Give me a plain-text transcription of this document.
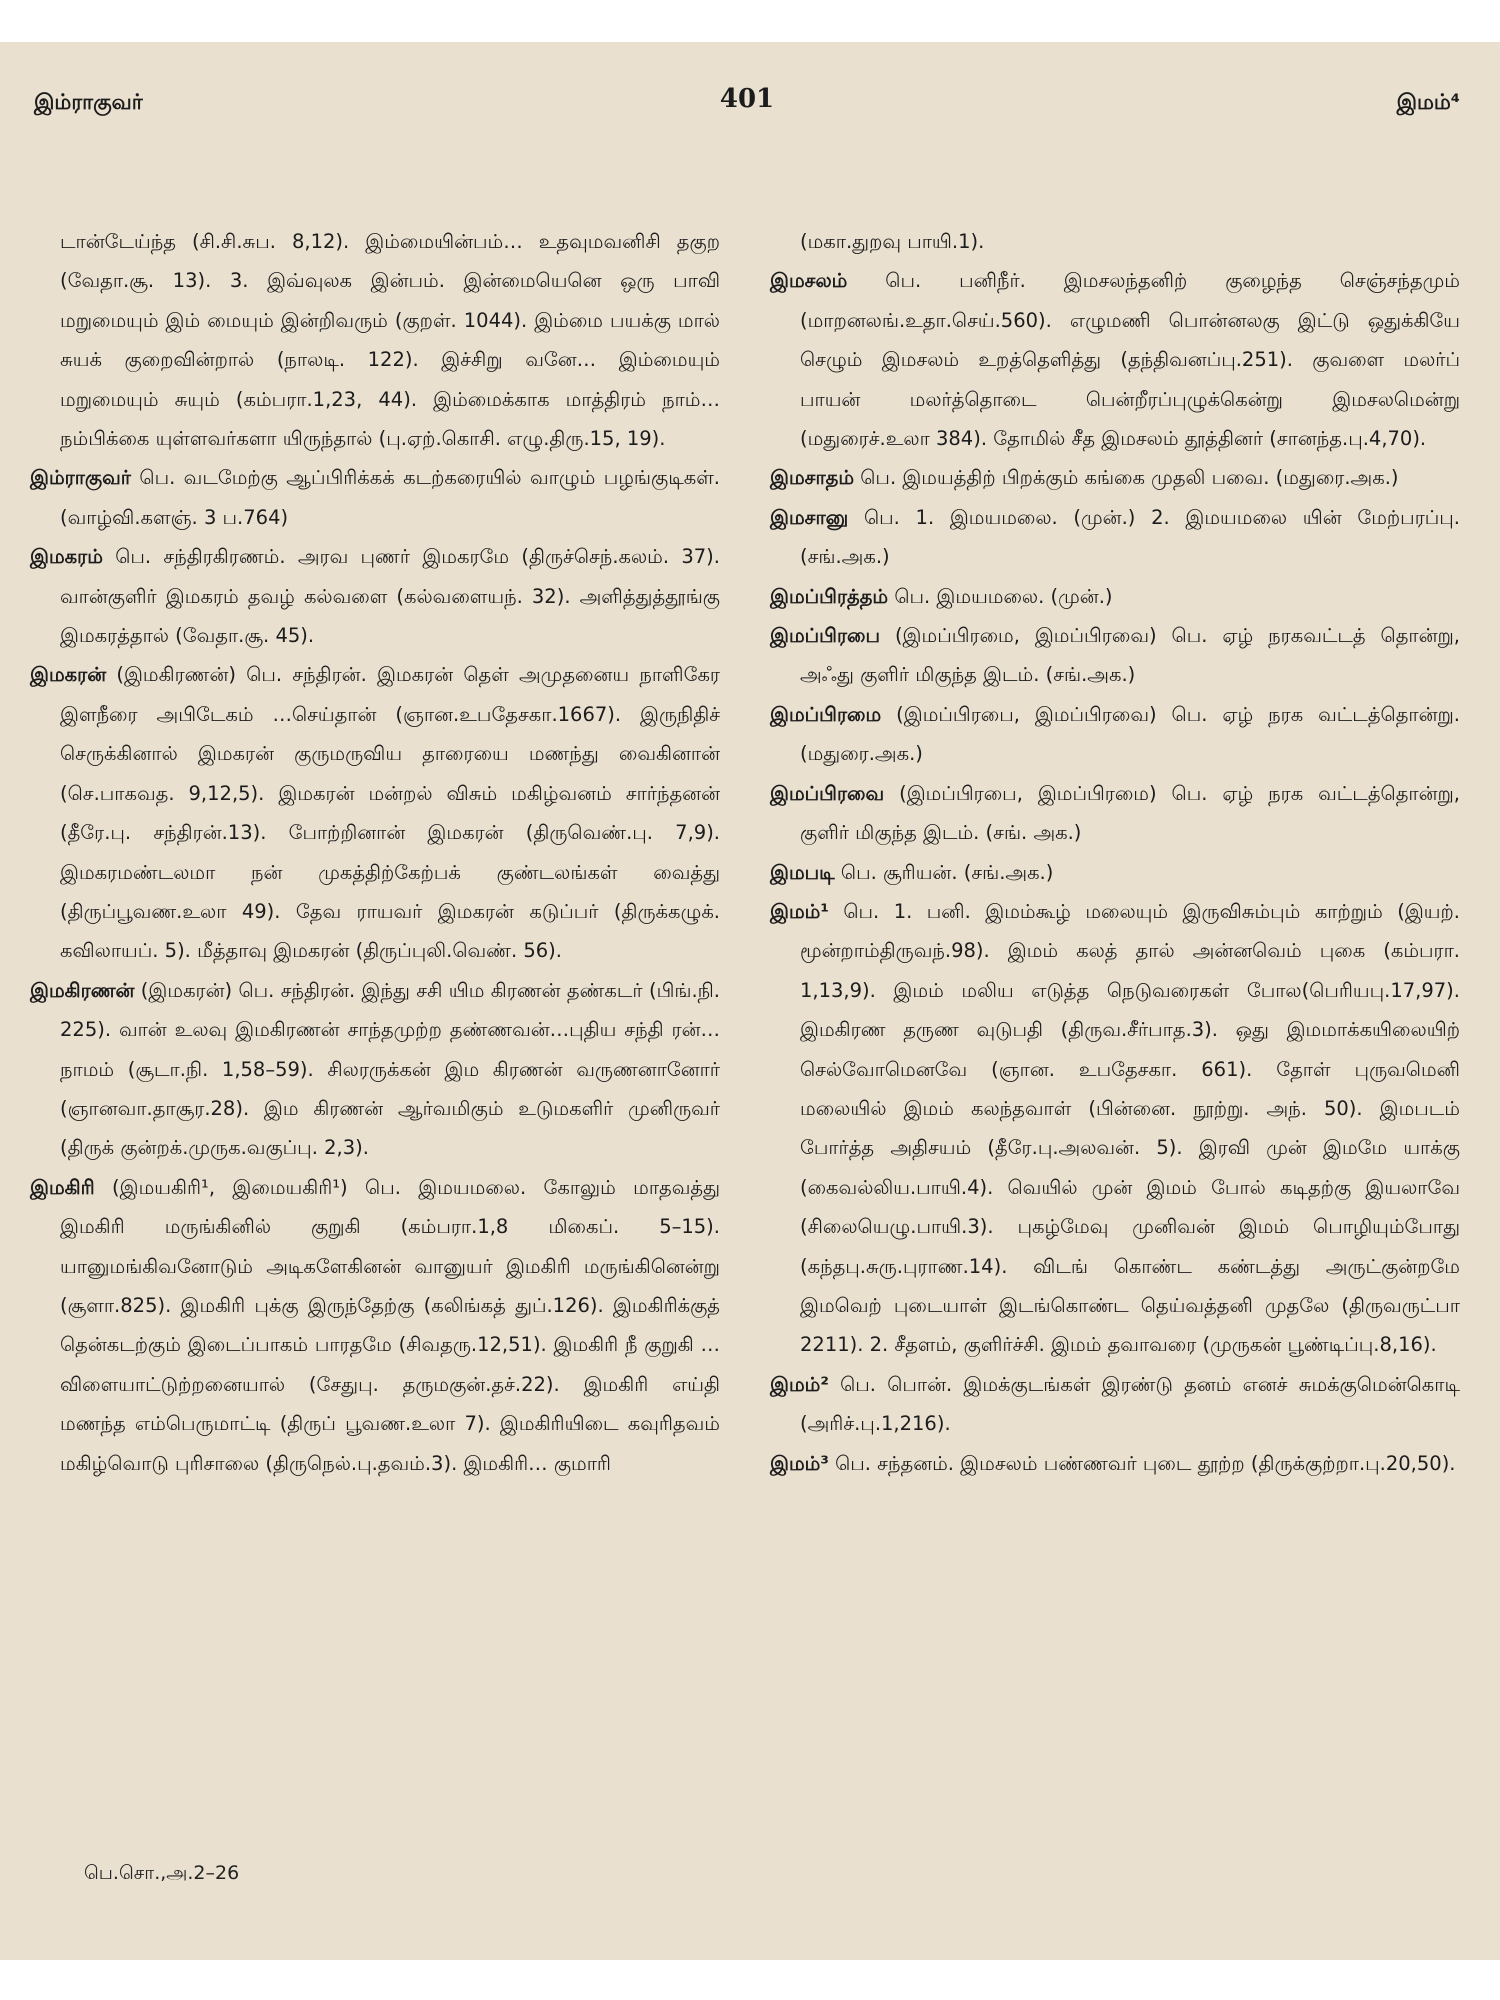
இம்ராகுவர்	401	இமம்⁴

டான்டேய்ந்த (சி.சி.சுப. 8,12). இம்மையின்பம்… உதவுமவனிசி தகுற (வேதா.சூ. 13). 3. இவ்வுலக இன்பம். இன்மையெனெ ஒரு பாவி மறுமையும் இம் மையும் இன்றிவரும் (குறள். 1044). இம்மை பயக்கு மால் சுயக் குறைவின்றால் (நாலடி. 122). இச்சிறு வனே… இம்மையும் மறுமையும் சுயும் (கம்பரா.1,23, 44). இம்மைக்காக மாத்திரம் நாம்…நம்பிக்கை யுள்ளவர்களா யிருந்தால் (பு.ஏற்.கொசி. எழு.திரு.15, 19).

இம்ராகுவர் பெ. வடமேற்கு ஆப்பிரிக்கக் கடற்கரையில் வாழும் பழங்குடிகள். (வாழ்வி.களஞ். 3 ப.764)

இமகரம் பெ. சந்திரகிரணம். அரவ புணர் இமகரமே (திருச்செந்.கலம். 37). வான்குளிர் இமகரம் தவழ் கல்வளை (கல்வளையந். 32). அளித்துத்தூங்கு இமகரத்தால் (வேதா.சூ. 45).

இமகரன் (இமகிரணன்) பெ. சந்திரன். இமகரன் தெள் அமுதனைய நாளிகேர இளநீரை அபிடேகம் …செய்தான் (ஞான.உபதேசகா.1667). இருநிதிச் செருக்கினால் இமகரன் குருமருவிய தாரையை மணந்து வைகினான் (செ.பாகவத. 9,12,5). இமகரன் மன்றல் விசும் மகிழ்வனம் சார்ந்தனன் (தீரே.பு. சந்திரன்.13). போற்றினான் இமகரன் (திருவெண்.பு. 7,9). இமகரமண்டலமா நன் முகத்திற்கேற்பக் குண்டலங்கள் வைத்து (திருப்பூவண.உலா 49). தேவ ராயவர் இமகரன் கடுப்பர் (திருக்கழுக். கவிலாயப். 5). மீத்தாவு இமகரன் (திருப்புலி.வெண். 56).

இமகிரணன் (இமகரன்) பெ. சந்திரன். இந்து சசி யிம கிரணன் தண்கடர் (பிங்.நி. 225). வான் உலவு இமகிரணன் சாந்தமுற்ற தண்ணவன்…புதிய சந்தி ரன்…நாமம் (சூடா.நி. 1,58–59). சிலரருக்கன் இம கிரணன் வருணனானோர் (ஞானவா.தாசூர.28). இம கிரணன் ஆர்வமிகும் உடுமகளிர் முனிருவர் (திருக் குன்றக்.முருக.வகுப்பு. 2,3).

இமகிரி (இமயகிரி¹, இமையகிரி¹) பெ. இமயமலை. கோலும் மாதவத்து இமகிரி மருங்கினில் குறுகி (கம்பரா.1,8 மிகைப். 5–15). யானுமங்கிவனோடும் அடிகளேகினன் வானுயர் இமகிரி மருங்கினென்று (சூளா.825). இமகிரி புக்கு இருந்தேற்கு (கலிங்கத் துப்.126). இமகிரிக்குத் தென்கடற்கும் இடைப்பாகம் பாரதமே (சிவதரு.12,51). இமகிரி நீ குறுகி … விளையாட்டுற்றனையால் (சேதுபு. தருமகுன்.தச்.22). இமகிரி எய்தி மணந்த எம்பெருமாட்டி (திருப் பூவண.உலா 7). இமகிரியிடை கவுரிதவம் மகிழ்வொடு புரிசாலை (திருநெல்.பு.தவம்.3). இமகிரி… குமாரி

(மகா.துறவு பாயி.1).

இமசலம் பெ. பனிநீர். இமசலந்தனிற் குழைந்த செஞ்சந்தமும் (மாறனலங்.உதா.செய்.560). எழுமணி பொன்னலகு இட்டு ஒதுக்கியே செழும் இமசலம் உறத்தெளித்து (தந்திவனப்பு.251). குவளை மலர்ப் பாயன் மலர்த்தொடை பென்றீரப்புழுக்கென்று இமசலமென்று (மதுரைச்.உலா 384). தோமில் சீத இமசலம் தூத்தினர் (சானந்த.பு.4,70).

இமசாதம் பெ. இமயத்திற் பிறக்கும் கங்கை முதலி பவை. (மதுரை.அக.)

இமசானு பெ. 1. இமயமலை. (முன்.) 2. இமயமலை யின் மேற்பரப்பு. (சங்.அக.)

இமப்பிரத்தம் பெ. இமயமலை. (முன்.)

இமப்பிரபை (இமப்பிரமை, இமப்பிரவை) பெ. ஏழ் நரகவட்டத் தொன்று, அஃது குளிர் மிகுந்த இடம். (சங்.அக.)

இமப்பிரமை (இமப்பிரபை, இமப்பிரவை) பெ. ஏழ் நரக வட்டத்தொன்று. (மதுரை.அக.)

இமப்பிரவை (இமப்பிரபை, இமப்பிரமை) பெ. ஏழ் நரக வட்டத்தொன்று, குளிர் மிகுந்த இடம். (சங். அக.)

இமபடி பெ. சூரியன். (சங்.அக.)

இமம்¹ பெ. 1. பனி. இமம்கூழ் மலையும் இருவிசும்பும் காற்றும் (இயற். மூன்றாம்திருவந்.98). இமம் கலத் தால் அன்னவெம் புகை (கம்பரா. 1,13,9). இமம் மலிய எடுத்த நெடுவரைகள் போல(பெரியபு.17,97). இமகிரண தருண வுடுபதி (திருவ.சீர்பாத.3). ஒது இமமாக்கயிலையிற் செல்வோமெனவே (ஞான. உபதேசகா. 661). தோள் புருவமெனி மலையில் இமம் கலந்தவாள் (பின்னை. நூற்று. அந். 50). இமபடம் போர்த்த அதிசயம் (தீரே.பு.அலவன். 5). இரவி முன் இமமே யாக்கு (கைவல்லிய.பாயி.4). வெயில் முன் இமம் போல் கடிதற்கு இயலாவே (சிலையெழு.பாயி.3). புகழ்மேவு முனிவன் இமம் பொழியும்போது (கந்தபு.சுரு.புராண.14). விடங் கொண்ட கண்டத்து அருட்குன்றமே இமவெற் புடையாள் இடங்கொண்ட தெய்வத்தனி முதலே (திருவருட்பா 2211). 2. சீதளம், குளிர்ச்சி. இமம் தவாவரை (முருகன் பூண்டிப்பு.8,16).

இமம்² பெ. பொன். இமக்குடங்கள் இரண்டு தனம் எனச் சுமக்குமென்கொடி (அரிச்.பு.1,216).

இமம்³ பெ. சந்தனம். இமசலம் பண்ணவர் புடை தூற்ற (திருக்குற்றா.பு.20,50).

பெ.சொ.,அ.2–26
